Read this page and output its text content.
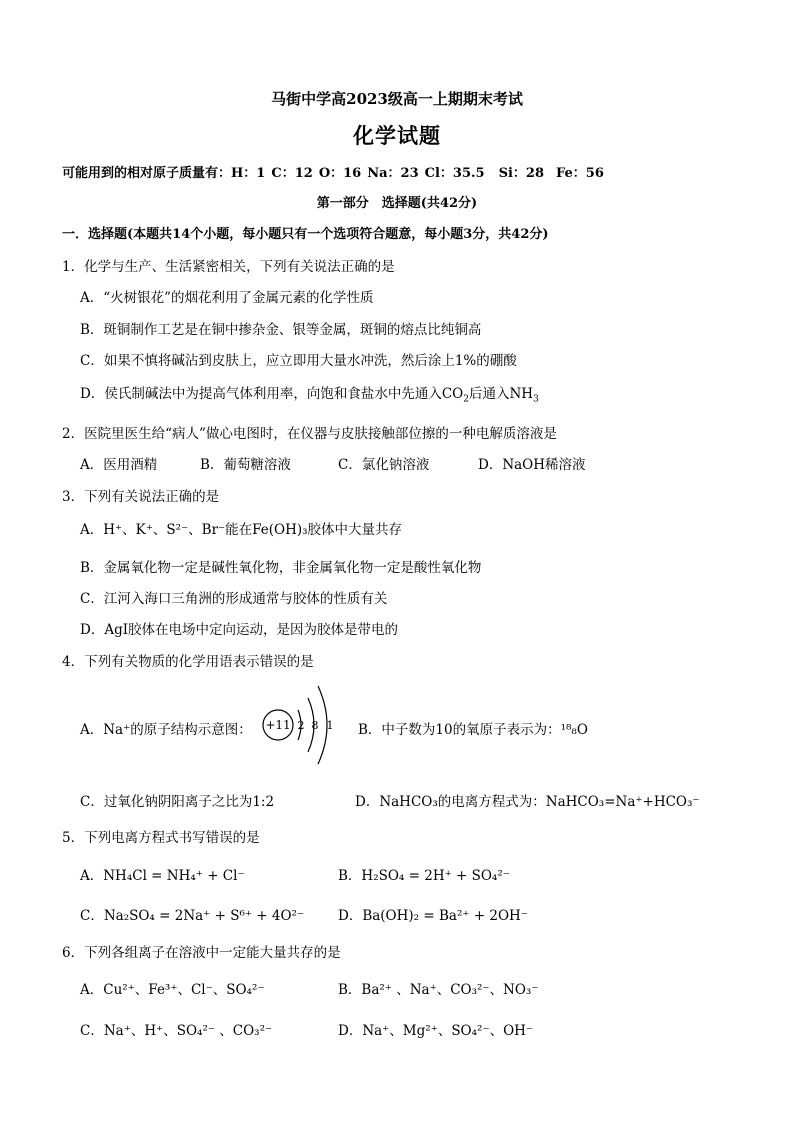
马街中学高2023级高一上期期末考试
化学试题
可能用到的相对原子质量有：H：1 C：12 O：16 Na：23 Cl：35.5 Si：28 Fe：56
第一部分　选择题(共42分)
一．选择题(本题共14个小题，每小题只有一个选项符合题意，每小题3分，共42分)
1．化学与生产、生活紧密相关，下列有关说法正确的是
A．“火树银花”的烟花利用了金属元素的化学性质
B．斑铜制作工艺是在铜中掺杂金、银等金属，斑铜的熔点比纯铜高
C．如果不慎将碱沾到皮肤上，应立即用大量水冲洗，然后涂上1%的硼酸
D．侯氏制碱法中为提高气体利用率，向饱和食盐水中先通入$CO_2$后通入$NH_3$
2．医院里医生给“病人”做心电图时，在仪器与皮肤接触部位擦的一种电解质溶液是
A．医用酒精	B．葡萄糖溶液	C．氯化钠溶液	D．NaOH稀溶液
3．下列有关说法正确的是
A．H⁺、K⁺、S²⁻、Br⁻能在Fe(OH)₃胶体中大量共存
B．金属氧化物一定是碱性氧化物，非金属氧化物一定是酸性氧化物
C．江河入海口三角洲的形成通常与胶体的性质有关
D．AgI胶体在电场中定向运动，是因为胶体是带电的
4．下列有关物质的化学用语表示错误的是
A．Na⁺的原子结构示意图： +11 2 8 1 B．中子数为10的氧原子表示为：¹⁸₈O
C．过氧化钠阴阳离子之比为1:2	D．NaHCO₃的电离方程式为：NaHCO₃=Na⁺+HCO₃⁻
5．下列电离方程式书写错误的是
A．NH₄Cl = NH₄⁺ + Cl⁻	B．H₂SO₄ = 2H⁺ + SO₄²⁻
C．Na₂SO₄ = 2Na⁺ + S⁶⁺ + 4O²⁻	D．Ba(OH)₂ = Ba²⁺ + 2OH⁻
6．下列各组离子在溶液中一定能大量共存的是
A．Cu²⁺、Fe³⁺、Cl⁻、SO₄²⁻	B．Ba²⁺ 、Na⁺、CO₃²⁻、NO₃⁻
C．Na⁺、H⁺、SO₄²⁻ 、CO₃²⁻	D．Na⁺、Mg²⁺、SO₄²⁻、OH⁻
